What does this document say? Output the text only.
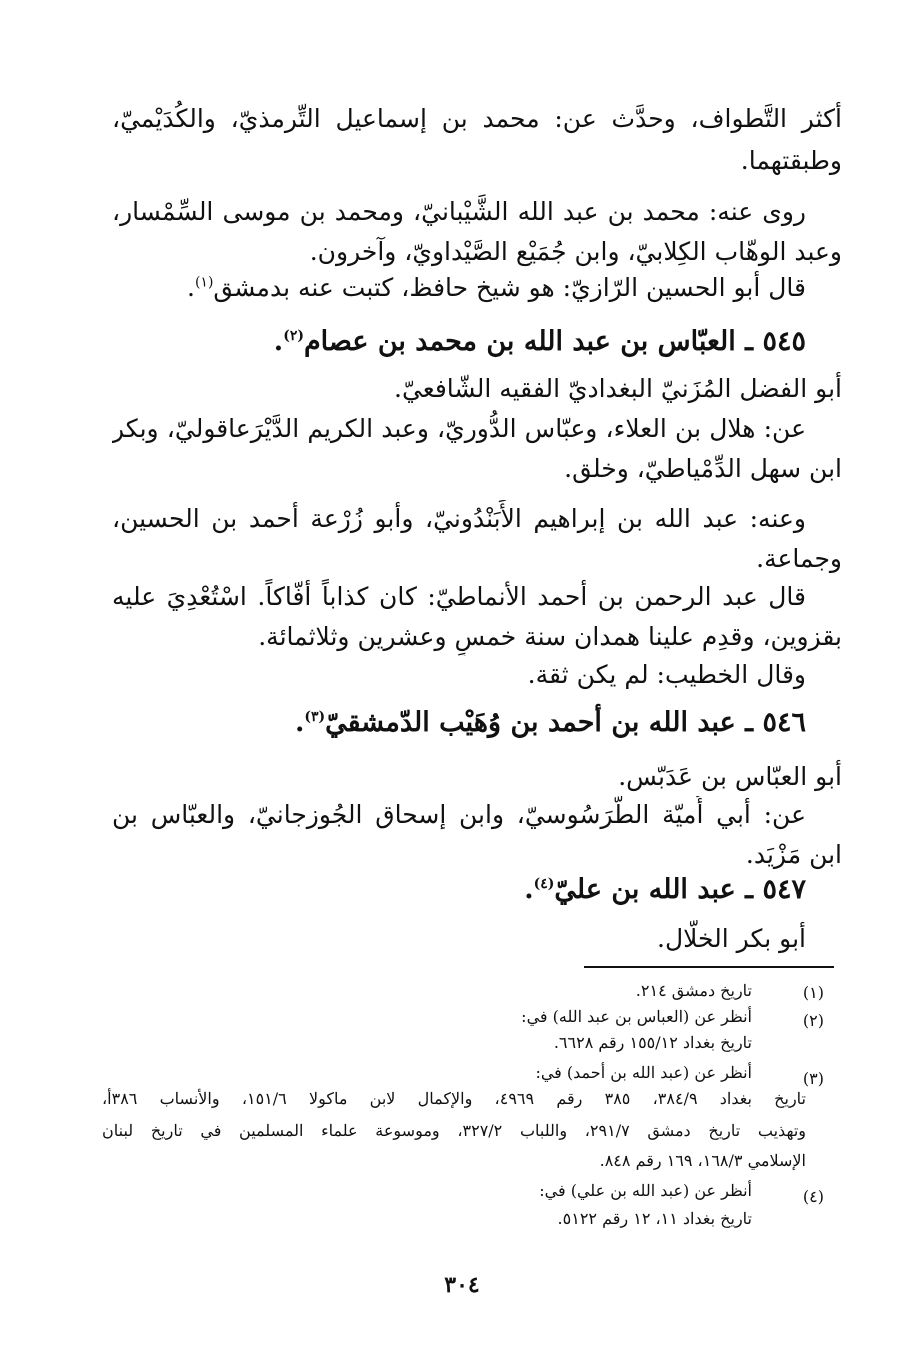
أكثر التَّطواف، وحدَّث عن: محمد بن إسماعيل التِّرمذيّ، والكُدَيْميّ،
وطبقتهما.
روى عنه: محمد بن عبد الله الشَّيْبانيّ، ومحمد بن موسى السِّمْسار،
وعبد الوهّاب الكِلابيّ، وابن جُمَيْع الصَّيْداويّ، وآخرون.
قال أبو الحسين الرّازيّ: هو شيخ حافظ، كتبت عنه بدمشق$^{(١)}$.
٥٤٥ ـ العبّاس بن عبد الله بن محمد بن عصام$^{(٢)}$.
أبو الفضل المُزَنيّ البغداديّ الفقيه الشّافعيّ.
عن: هلال بن العلاء، وعبّاس الدُّوريّ، وعبد الكريم الدَّيْرَعاقوليّ، وبكر
ابن سهل الدِّمْياطيّ، وخلق.
وعنه: عبد الله بن إبراهيم الأَبَنْدُونيّ، وأبو زُرْعة أحمد بن الحسين،
وجماعة.
قال عبد الرحمن بن أحمد الأنماطيّ: كان كذاباً أفّاكاً. اسْتُعْدِيَ عليه
بقزوين، وقدِم علينا همدان سنة خمسٍ وعشرين وثلاثمائة.
وقال الخطيب: لم يكن ثقة.
٥٤٦ ـ عبد الله بن أحمد بن وُهَيْب الدّمشقيّ$^{(٣)}$.
أبو العبّاس بن عَدَبّس.
عن: أبي أُميّة الطَّرَسُوسيّ، وابن إسحاق الجُوزجانيّ، والعبّاس بن
ابن مَزْيَد.
٥٤٧ ـ عبد الله بن عليّ$^{(٤)}$.
أبو بكر الخلّال.
(١)
تاريخ دمشق ٢١٤.
(٢)
أنظر عن (العباس بن عبد الله) في:
تاريخ بغداد ١٥٥/١٢ رقم ٦٦٢٨.
(٣)
أنظر عن (عبد الله بن أحمد) في:
تاريخ بغداد ٣٨٤/٩، ٣٨٥ رقم ٤٩٦٩، والإكمال لابن ماكولا ١٥١/٦، والأنساب ٣٨٦أ،
وتهذيب تاريخ دمشق ٢٩١/٧، واللباب ٣٢٧/٢، وموسوعة علماء المسلمين في تاريخ لبنان
الإسلامي ١٦٨/٣، ١٦٩ رقم ٨٤٨.
(٤)
أنظر عن (عبد الله بن علي) في:
تاريخ بغداد ١١، ١٢ رقم ٥١٢٢.
٣٠٤
